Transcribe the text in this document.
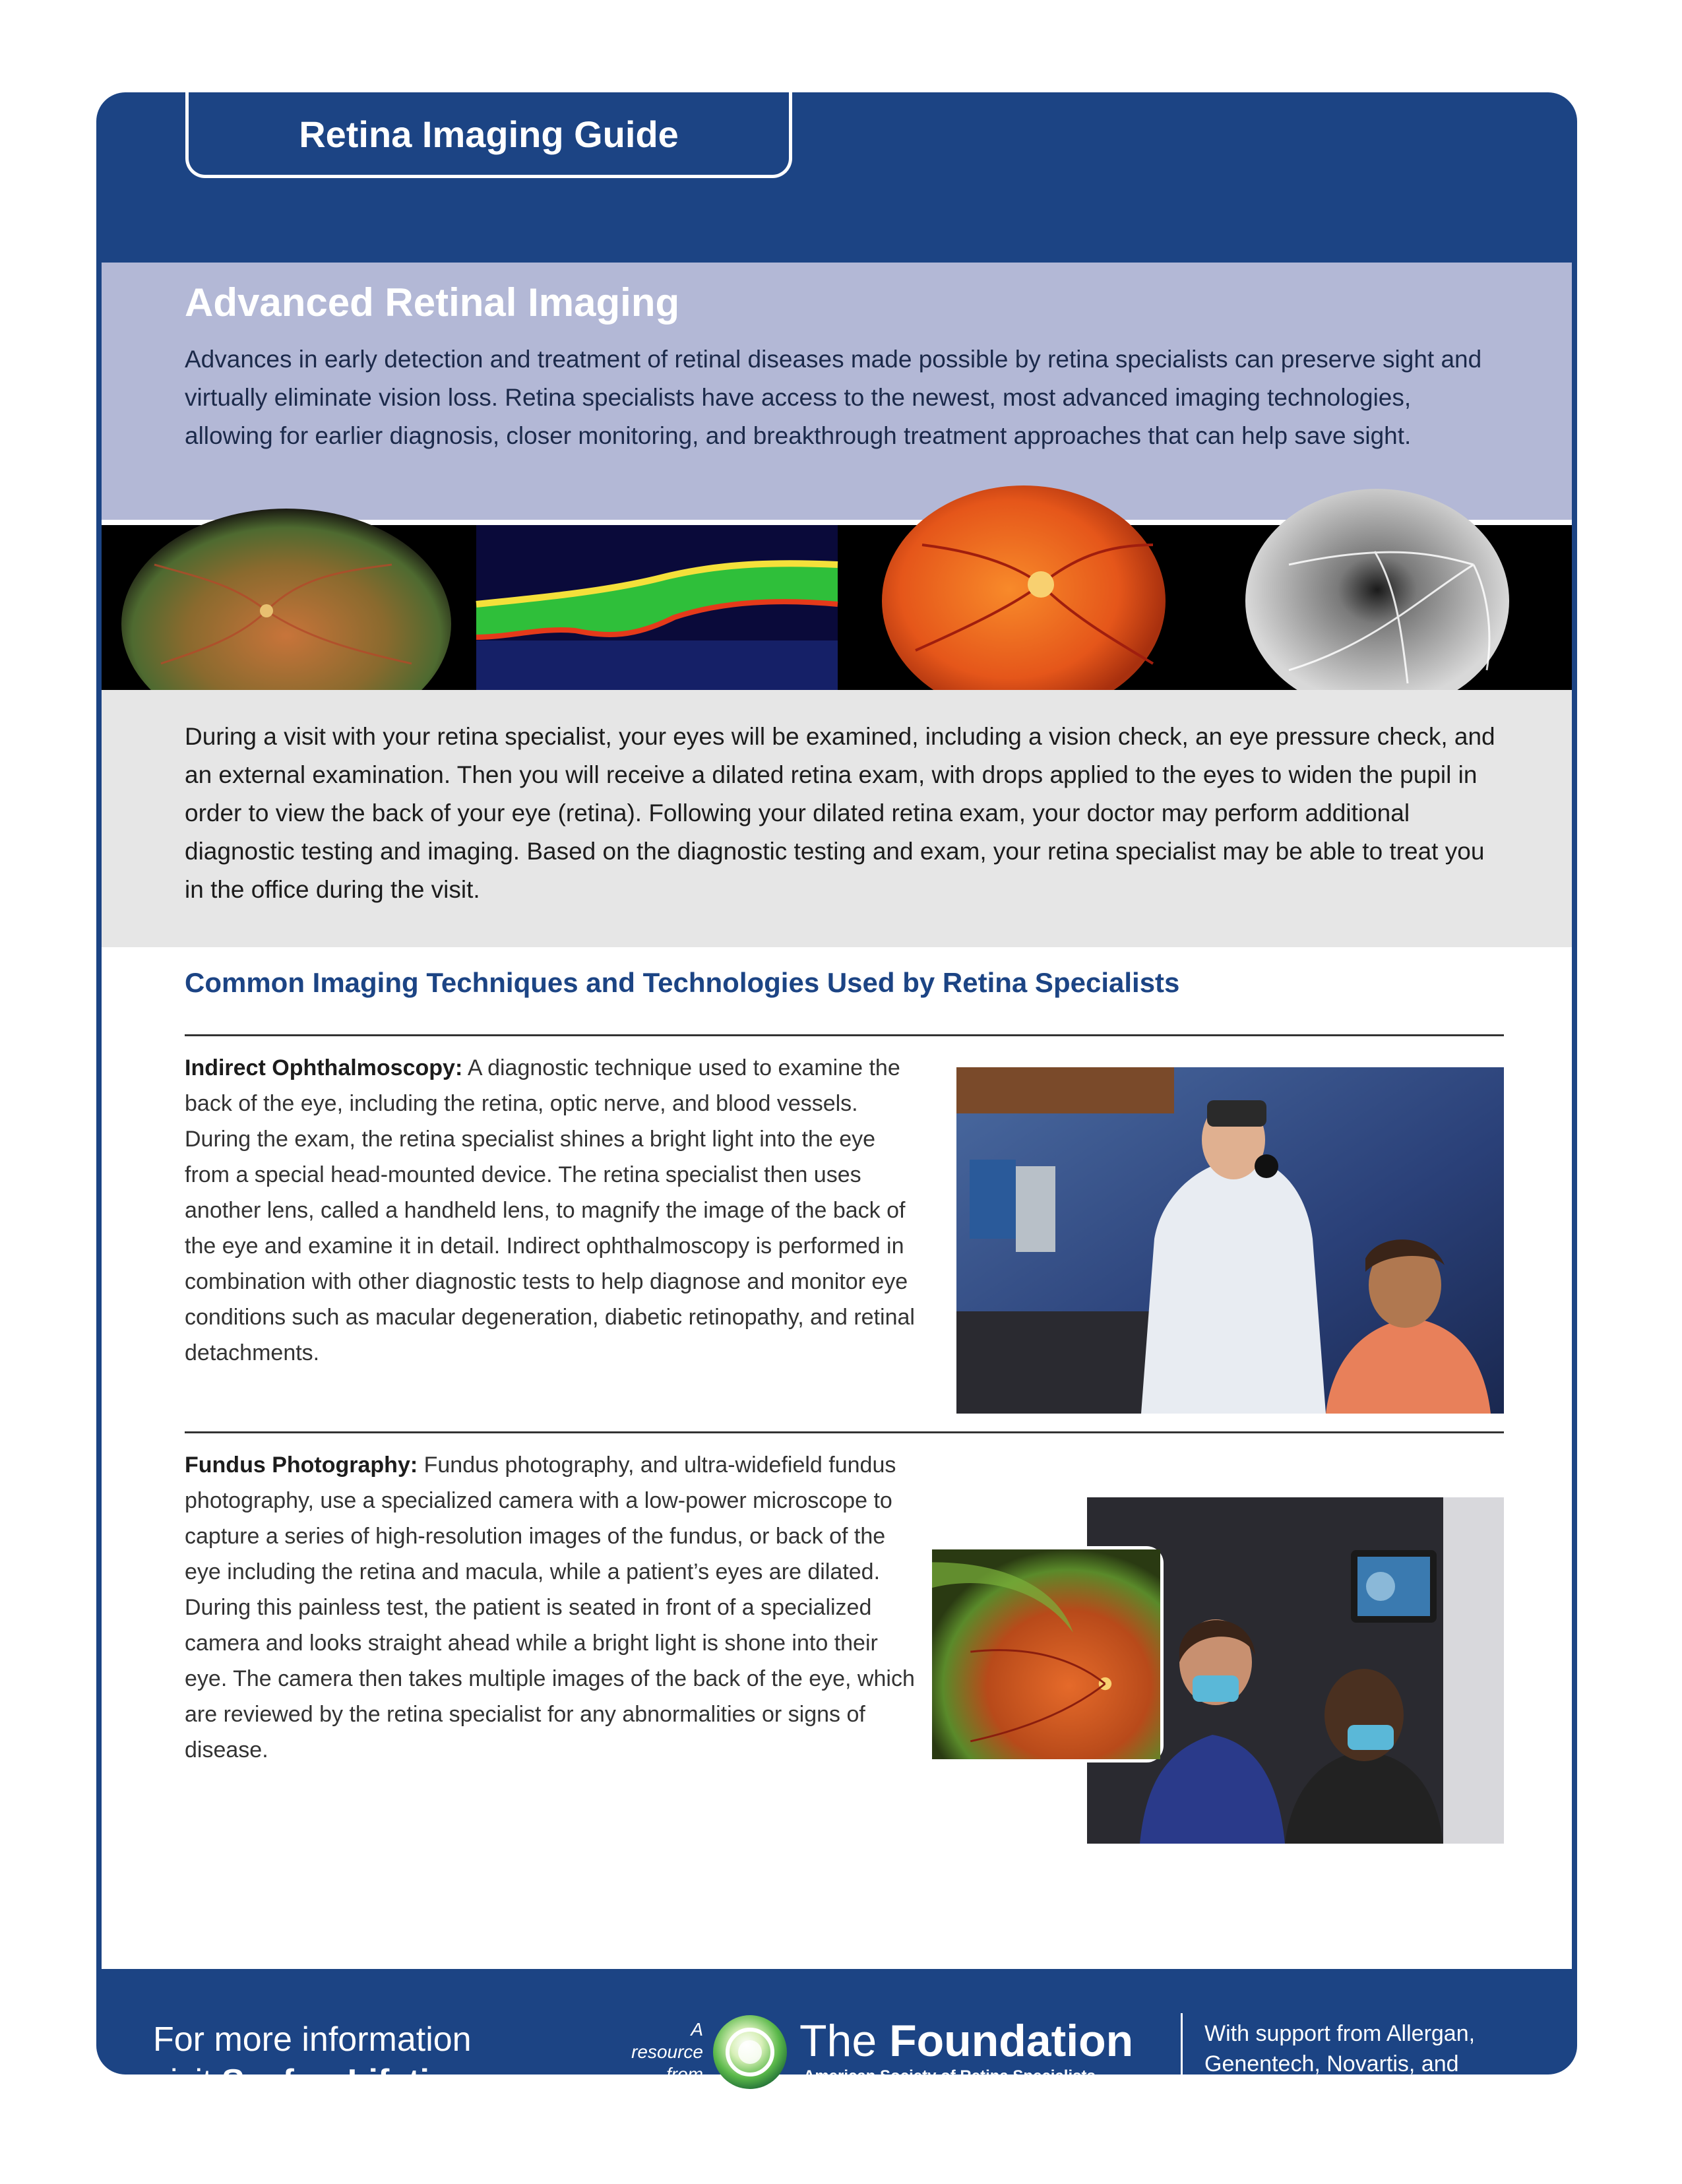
Retina Imaging Guide
Advanced Retinal Imaging

Advances in early detection and treatment of retinal diseases made possible by retina specialists can preserve sight and virtually eliminate vision loss. Retina specialists have access to the newest, most advanced imaging technologies, allowing for earlier diagnosis, closer monitoring, and breakthrough treatment approaches that can help save sight.

During a visit with your retina specialist, your eyes will be examined, including a vision check, an eye pressure check, and an external examination. Then you will receive a dilated retina exam, with drops applied to the eyes to widen the pupil in order to view the back of your eye (retina). Following your dilated retina exam, your doctor may perform additional diagnostic testing and imaging. Based on the diagnostic testing and exam, your retina specialist may be able to treat you in the office during the visit.

Common Imaging Techniques and Technologies Used by Retina Specialists

Indirect Ophthalmoscopy: A diagnostic technique used to examine the back of the eye, including the retina, optic nerve, and blood vessels. During the exam, the retina specialist shines a bright light into the eye from a special head-mounted device. The retina specialist then uses another lens, called a handheld lens, to magnify the image of the back of the eye and examine it in detail. Indirect ophthalmoscopy is performed in combination with other diagnostic tests to help diagnose and monitor eye conditions such as macular degeneration, diabetic retinopathy, and retinal detachments.

Fundus Photography: Fundus photography, and ultra-widefield fundus photography, use a specialized camera with a low-power microscope to capture a series of high-resolution images of the fundus, or back of the eye including the retina and macula, while a patient’s eyes are dilated. During this painless test, the patient is seated in front of a specialized camera and looks straight ahead while a bright light is shone into their eye. The camera then takes multiple images of the back of the eye, which are reviewed by the retina specialist for any abnormalities or signs of disease.

For more information
visit SeeforaLifetime.org

A
resource
from
The Foundation
American Society of Retina Specialists

With support from Allergan, Genentech, Novartis, and Regeneron Pharmaceuticals
